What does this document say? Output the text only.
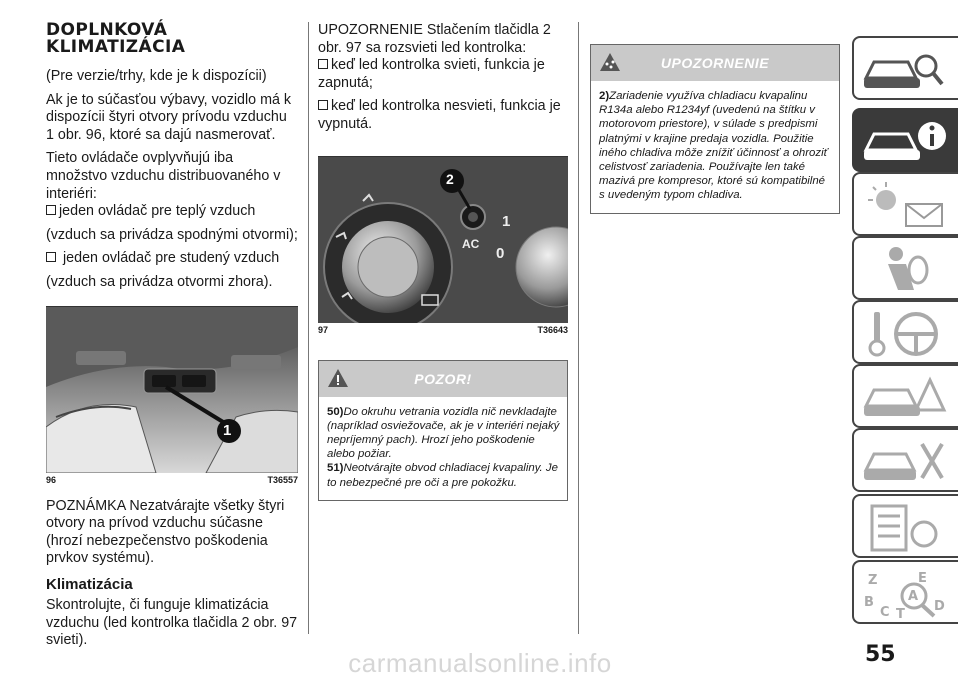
DOPLNKOVÁ
KLIMATIZÁCIA
(Pre verzie/trhy, kde je k dispozícii)
Ak je to súčasťou výbavy, vozidlo má k dispozícii štyri otvory prívodu vzduchu 1 obr. 96, ktoré sa dajú nasmerovať.
Tieto ovládače ovplyvňujú iba množstvo vzduchu distribuovaného v interiéri:
jeden ovládač pre teplý vzduch
(vzduch sa privádza spodnými otvormi);
jeden ovládač pre studený vzduch
(vzduch sa privádza otvormi zhora).
1
96	T36557
POZNÁMKA Nezatvárajte všetky štyri otvory na prívod vzduchu súčasne (hrozí nebezpečenstvo poškodenia prvkov systému).
Klimatizácia
Skontrolujte, či funguje klimatizácia vzduchu (led kontrolka tlačidla 2 obr. 97 svieti).
UPOZORNENIE Stlačením tlačidla 2 obr. 97 sa rozsvieti led kontrolka:
keď led kontrolka svieti, funkcia je zapnutá;
keď led kontrolka nesvieti, funkcia je vypnutá.
2
AC
1
0
97	T36643
POZOR!
50)Do okruhu vetrania vozidla nič nevkladajte (napríklad osviežovače, ak je v interiéri nejaký nepríjemný pach). Hrozí jeho poškodenie alebo požiar.
51)Neotvárajte obvod chladiacej kvapaliny. Je to nebezpečné pre oči a pre pokožku.
UPOZORNENIE
2)Zariadenie využíva chladiacu kvapalinu R134a alebo R1234yf (uvedenú na štítku v motorovom priestore), v súlade s predpismi platnými v krajine predaja vozidla. Použitie iného chladiva môže znížiť účinnosť a ohroziť celistvosť zariadenia. Používajte len také mazivá pre kompresor, ktoré sú kompatibilné s uvedeným typom chladiva.
Z	E
A
B
C T
D
55
carmanualsonline.info
